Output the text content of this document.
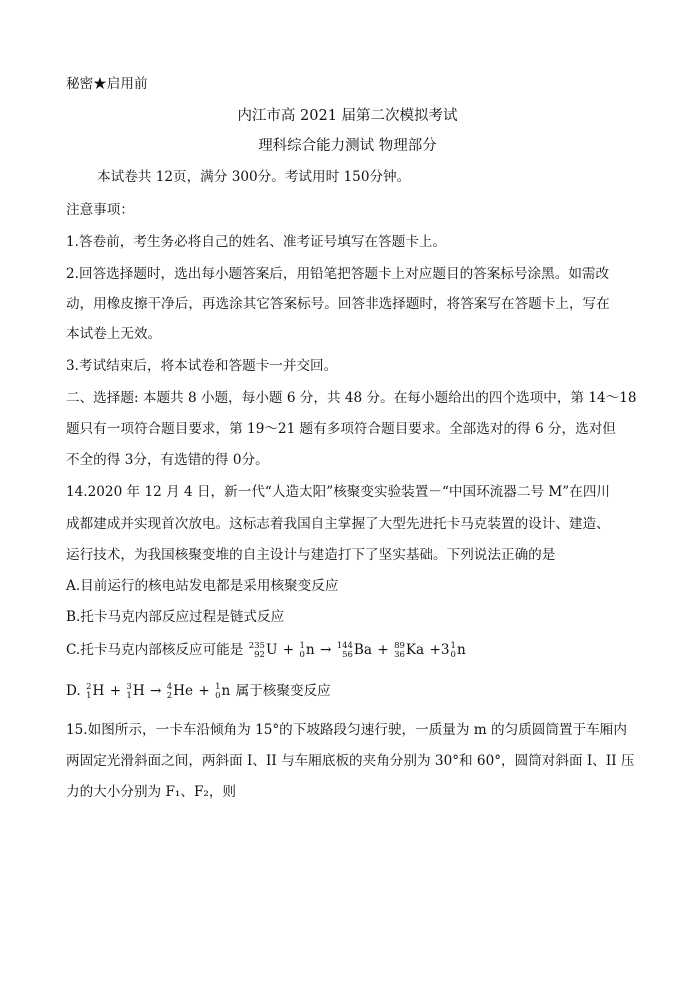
秘密★启用前
内江市高 2021 届第二次模拟考试
理科综合能力测试 物理部分
本试卷共 12页，满分 300分。考试用时 150分钟。
注意事项：
1.答卷前，考生务必将自己的姓名、准考证号填写在答题卡上。
2.回答选择题时，选出每小题答案后，用铅笔把答题卡上对应题目的答案标号涂黑。如需改
动，用橡皮擦干净后，再选涂其它答案标号。回答非选择题时，将答案写在答题卡上，写在
本试卷上无效。
3.考试结束后，将本试卷和答题卡一并交回。
二、选择题: 本题共 8 小题，每小题 6 分，共 48 分。在每小题给出的四个选项中，第 14～18
题只有一项符合题目要求，第 19～21 题有多项符合题目要求。全部选对的得 6 分，选对但
不全的得 3分，有选错的得 0分。
14.2020 年 12 月 4 日，新一代“人造太阳”核聚变实验装置－“中国环流器二号 M”在四川
成都建成并实现首次放电。这标志着我国自主掌握了大型先进托卡马克装置的设计、建造、
运行技术，为我国核聚变堆的自主设计与建造打下了坚实基础。下列说法正确的是
A.目前运行的核电站发电都是采用核聚变反应
B.托卡马克内部反应过程是链式反应
C.托卡马克内部核反应可能是 235
92 U + 1
0 n → 144
56 Ba + 89
36 Ka +3 1
0 n
D. 2
1 H + 3
1 H → 4
2 He + 1
0 n 属于核聚变反应
15.如图所示，一卡车沿倾角为 15°的下坡路段匀速行驶，一质量为 m 的匀质圆筒置于车厢内
两固定光滑斜面之间，两斜面 I、II 与车厢底板的夹角分别为 30°和 60°，圆筒对斜面 I、II 压
力的大小分别为 F₁、F₂，则
